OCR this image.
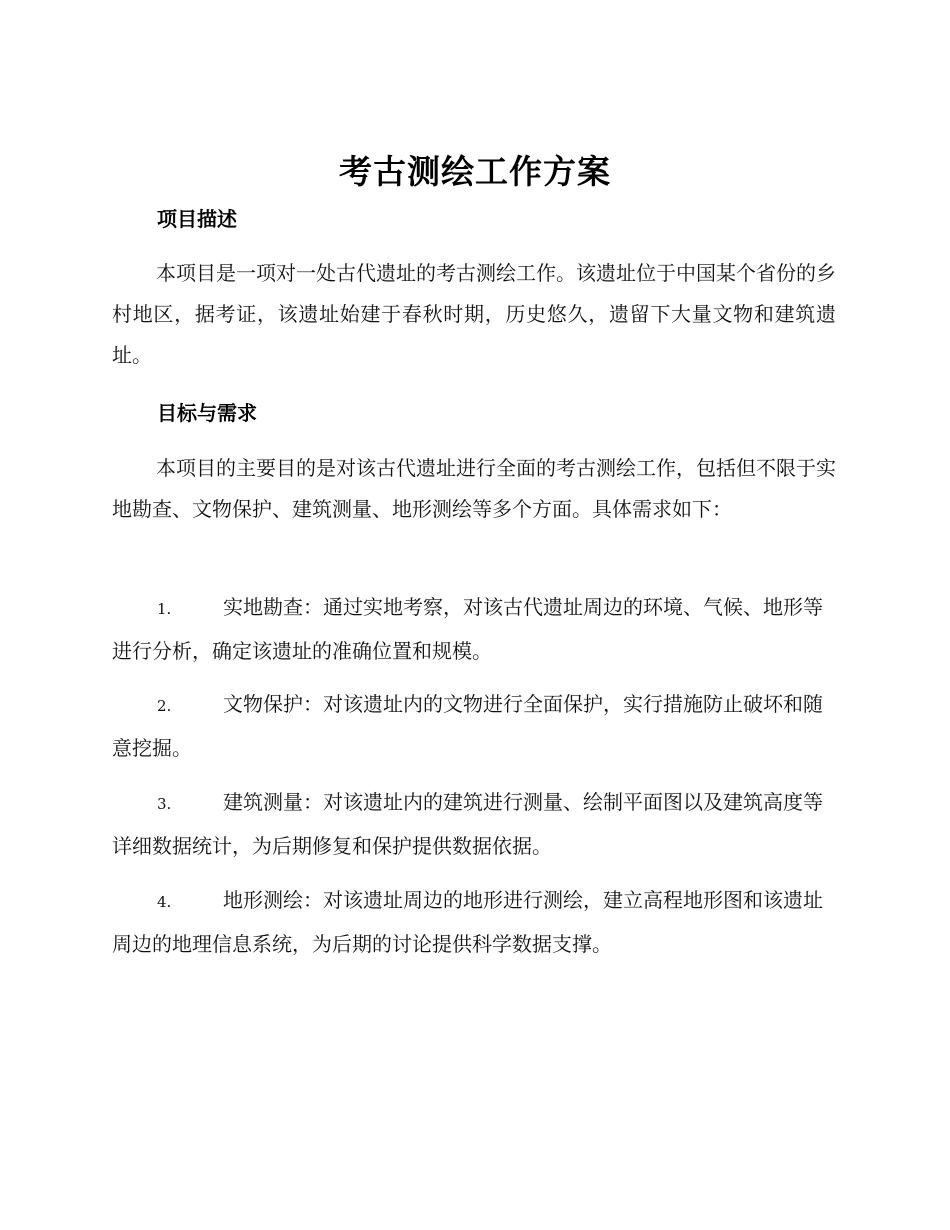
考古测绘工作方案
项目描述
本项目是一项对一处古代遗址的考古测绘工作。该遗址位于中国某个省份的乡村地区，据考证，该遗址始建于春秋时期，历史悠久，遗留下大量文物和建筑遗址。
目标与需求
本项目的主要目的是对该古代遗址进行全面的考古测绘工作，包括但不限于实地勘查、文物保护、建筑测量、地形测绘等多个方面。具体需求如下：
1.	实地勘查：通过实地考察，对该古代遗址周边的环境、气候、地形等进行分析，确定该遗址的准确位置和规模。
2.	文物保护：对该遗址内的文物进行全面保护，实行措施防止破坏和随意挖掘。
3.	建筑测量：对该遗址内的建筑进行测量、绘制平面图以及建筑高度等详细数据统计，为后期修复和保护提供数据依据。
4.	地形测绘：对该遗址周边的地形进行测绘，建立高程地形图和该遗址周边的地理信息系统，为后期的讨论提供科学数据支撑。
